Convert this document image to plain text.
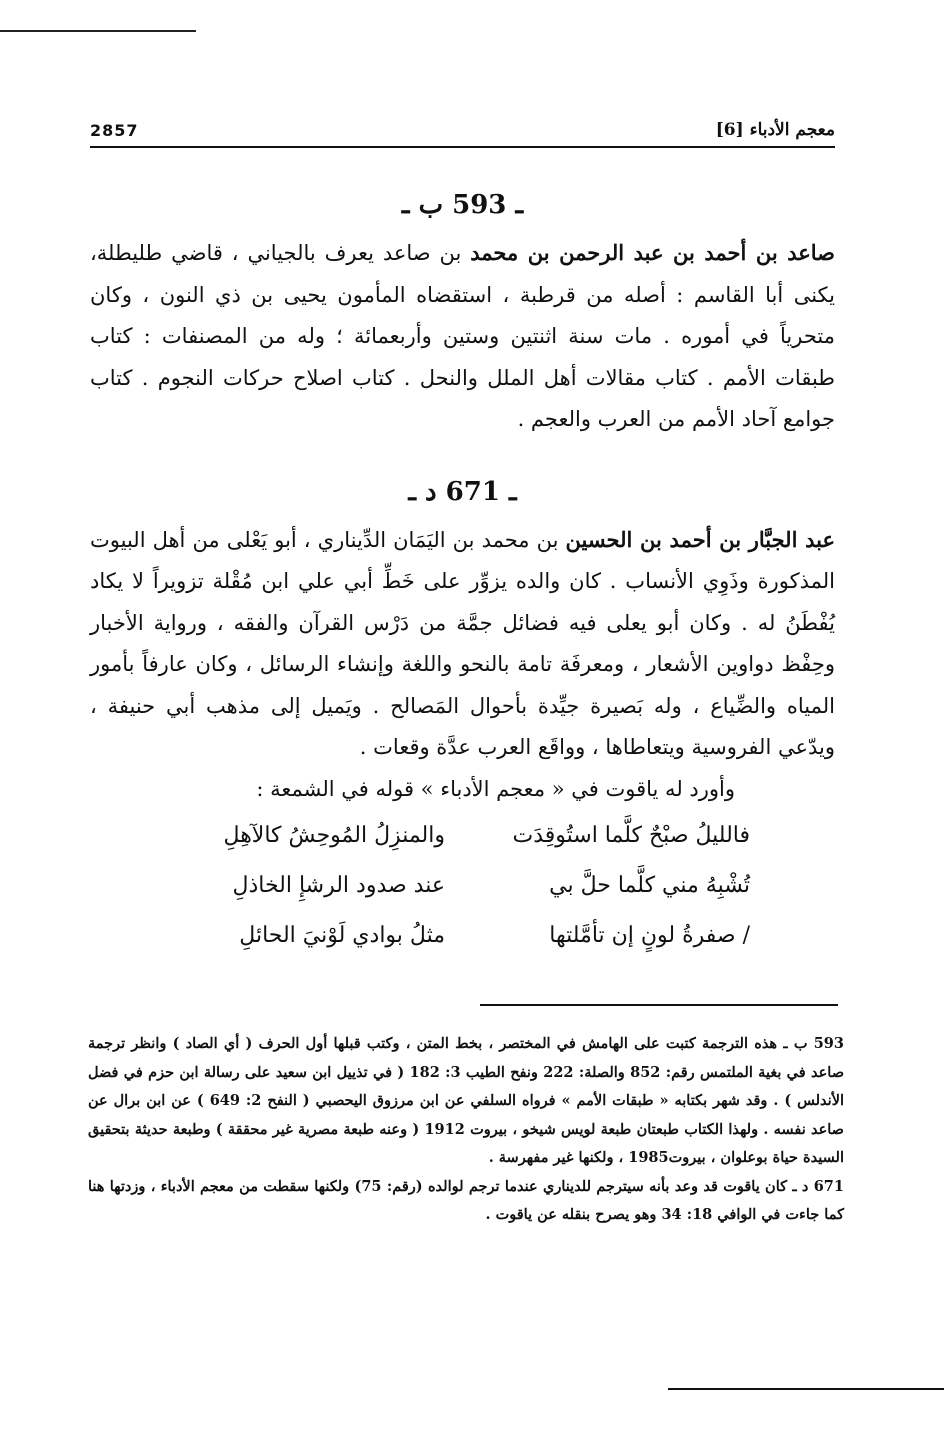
معجم الأدباء [6]
2857
ـ 593 ب ـ
صاعد بن أحمد بن عبد الرحمن بن محمد بن صاعد يعرف بالجياني ، قاضي طليطلة، يكنى أبا القاسم : أصله من قرطبة ، استقضاه المأمون يحيى بن ذي النون ، وكان متحرياً في أموره . مات سنة اثنتين وستين وأربعمائة ؛ وله من المصنفات : كتاب طبقات الأمم . كتاب مقالات أهل الملل والنحل . كتاب اصلاح حركات النجوم . كتاب جوامع آحاد الأمم من العرب والعجم .
ـ 671 د ـ
عبد الجبَّار بن أحمد بن الحسين بن محمد بن اليَمَان الدِّيناري ، أبو يَعْلى من أهل البيوت المذكورة وذَوِي الأنساب . كان والده يزوِّر على خَطِّ أبي علي ابن مُقْلة تزويراً لا يكاد يُفْطَنُ له . وكان أبو يعلى فيه فضائل جمَّة من دَرْس القرآن والفقه ، ورواية الأخبار وحِفْظ دواوين الأشعار ، ومعرفَة تامة بالنحو واللغة وإنشاء الرسائل ، وكان عارفاً بأمور المياه والضِّياع ، وله بَصيرة جيِّدة بأحوال المَصالح . ويَميل إلى مذهب أبي حنيفة ، ويدّعي الفروسية ويتعاطاها ، وواقَع العرب عدَّة وقعات .
وأورد له ياقوت في « معجم الأدباء » قوله في الشمعة :
فالليلُ صبْحٌ كلَّما استُوقِدَت
والمنزِلُ المُوحِشُ كالآهِلِ
تُشْبِهُ مني كلَّما حلَّ بي
عند صدود الرشإِ الخاذلِ
/ صفرةُ لونٍ إن تأمَّلتها
مثلُ بوادي لَوْنيَ الحائلِ

593 ب ـ هذه الترجمة كتبت على الهامش في المختصر ، بخط المتن ، وكتب قبلها أول الحرف ( أي الصاد ) وانظر ترجمة صاعد في بغية الملتمس رقم: 852 والصلة: 222 ونفح الطيب 3: 182 ( في تذييل ابن سعيد على رسالة ابن حزم في فضل الأندلس ) . وقد شهر بكتابه « طبقات الأمم » فرواه السلفي عن ابن مرزوق اليحصبي ( النفح 2: 649 ) عن ابن برال عن صاعد نفسه . ولهذا الكتاب طبعتان طبعة لويس شيخو ، بيروت 1912 ( وعنه طبعة مصرية غير محققة ) وطبعة حديثة بتحقيق السيدة حياة بوعلوان ، بيروت1985 ، ولكنها غير مفهرسة .

671 د ـ كان ياقوت قد وعد بأنه سيترجم للديناري عندما ترجم لوالده (رقم: 75) ولكنها سقطت من معجم الأدباء ، وزدتها هنا كما جاءت في الوافي 18: 34 وهو يصرح بنقله عن ياقوت .
